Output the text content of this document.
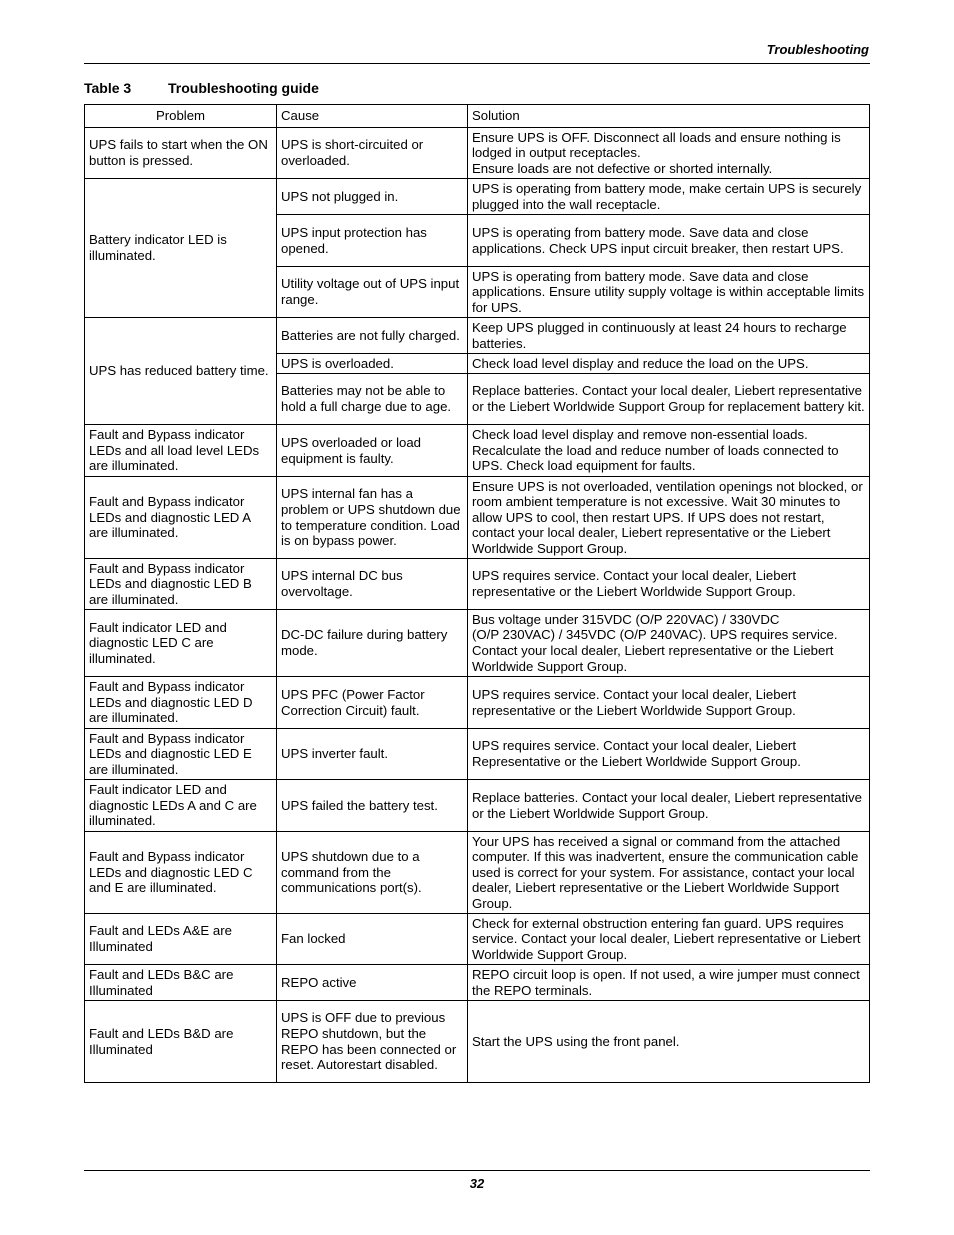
Troubleshooting
Table 3	Troubleshooting guide
Problem	Cause	Solution
UPS fails to start when the ON button is pressed.	UPS is short-circuited or overloaded.	Ensure UPS is OFF. Disconnect all loads and ensure nothing is lodged in output receptacles.
Ensure loads are not defective or shorted internally.
Battery indicator LED is illuminated.	UPS not plugged in.	UPS is operating from battery mode, make certain UPS is securely plugged into the wall receptacle.
	UPS input protection has opened.	UPS is operating from battery mode. Save data and close applications. Check UPS input circuit breaker, then restart UPS.
	Utility voltage out of UPS input range.	UPS is operating from battery mode. Save data and close applications. Ensure utility supply voltage is within acceptable limits for UPS.
UPS has reduced battery time.	Batteries are not fully charged.	Keep UPS plugged in continuously at least 24 hours to recharge batteries.
	UPS is overloaded.	Check load level display and reduce the load on the UPS.
	Batteries may not be able to hold a full charge due to age.	Replace batteries. Contact your local dealer, Liebert representative or the Liebert Worldwide Support Group for replacement battery kit.
Fault and Bypass indicator LEDs and all load level LEDs are illuminated.	UPS overloaded or load equipment is faulty.	Check load level display and remove non-essential loads. Recalculate the load and reduce number of loads connected to UPS. Check load equipment for faults.
Fault and Bypass indicator LEDs and diagnostic LED A are illuminated.	UPS internal fan has a problem or UPS shutdown due to temperature condition. Load is on bypass power.	Ensure UPS is not overloaded, ventilation openings not blocked, or room ambient temperature is not excessive. Wait 30 minutes to allow UPS to cool, then restart UPS. If UPS does not restart, contact your local dealer, Liebert representative or the Liebert Worldwide Support Group.
Fault and Bypass indicator LEDs and diagnostic LED B are illuminated.	UPS internal DC bus overvoltage.	UPS requires service. Contact your local dealer, Liebert representative or the Liebert Worldwide Support Group.
Fault indicator LED and diagnostic LED C are illuminated.	DC-DC failure during battery mode.	Bus voltage under 315VDC (O/P 220VAC) / 330VDC
(O/P 230VAC) / 345VDC (O/P 240VAC). UPS requires service. Contact your local dealer, Liebert representative or the Liebert Worldwide Support Group.
Fault and Bypass indicator LEDs and diagnostic LED D are illuminated.	UPS PFC (Power Factor Correction Circuit) fault.	UPS requires service. Contact your local dealer, Liebert representative or the Liebert Worldwide Support Group.
Fault and Bypass indicator LEDs and diagnostic LED E are illuminated.	UPS inverter fault.	UPS requires service. Contact your local dealer, Liebert Representative or the Liebert Worldwide Support Group.
Fault indicator LED and diagnostic LEDs A and C are illuminated.	UPS failed the battery test.	Replace batteries. Contact your local dealer, Liebert representative or the Liebert Worldwide Support Group.
Fault and Bypass indicator LEDs and diagnostic LED C and E are illuminated.	UPS shutdown due to a command from the communications port(s).	Your UPS has received a signal or command from the attached computer. If this was inadvertent, ensure the communication cable used is correct for your system. For assistance, contact your local dealer, Liebert representative or the Liebert Worldwide Support Group.
Fault and LEDs A&E are Illuminated	Fan locked	Check for external obstruction entering fan guard. UPS requires service. Contact your local dealer, Liebert representative or Liebert Worldwide Support Group.
Fault and LEDs B&C are Illuminated	REPO active	REPO circuit loop is open. If not used, a wire jumper must connect the REPO terminals.
Fault and LEDs B&D are Illuminated	UPS is OFF due to previous REPO shutdown, but the REPO has been connected or reset. Autorestart disabled.	Start the UPS using the front panel.
32
